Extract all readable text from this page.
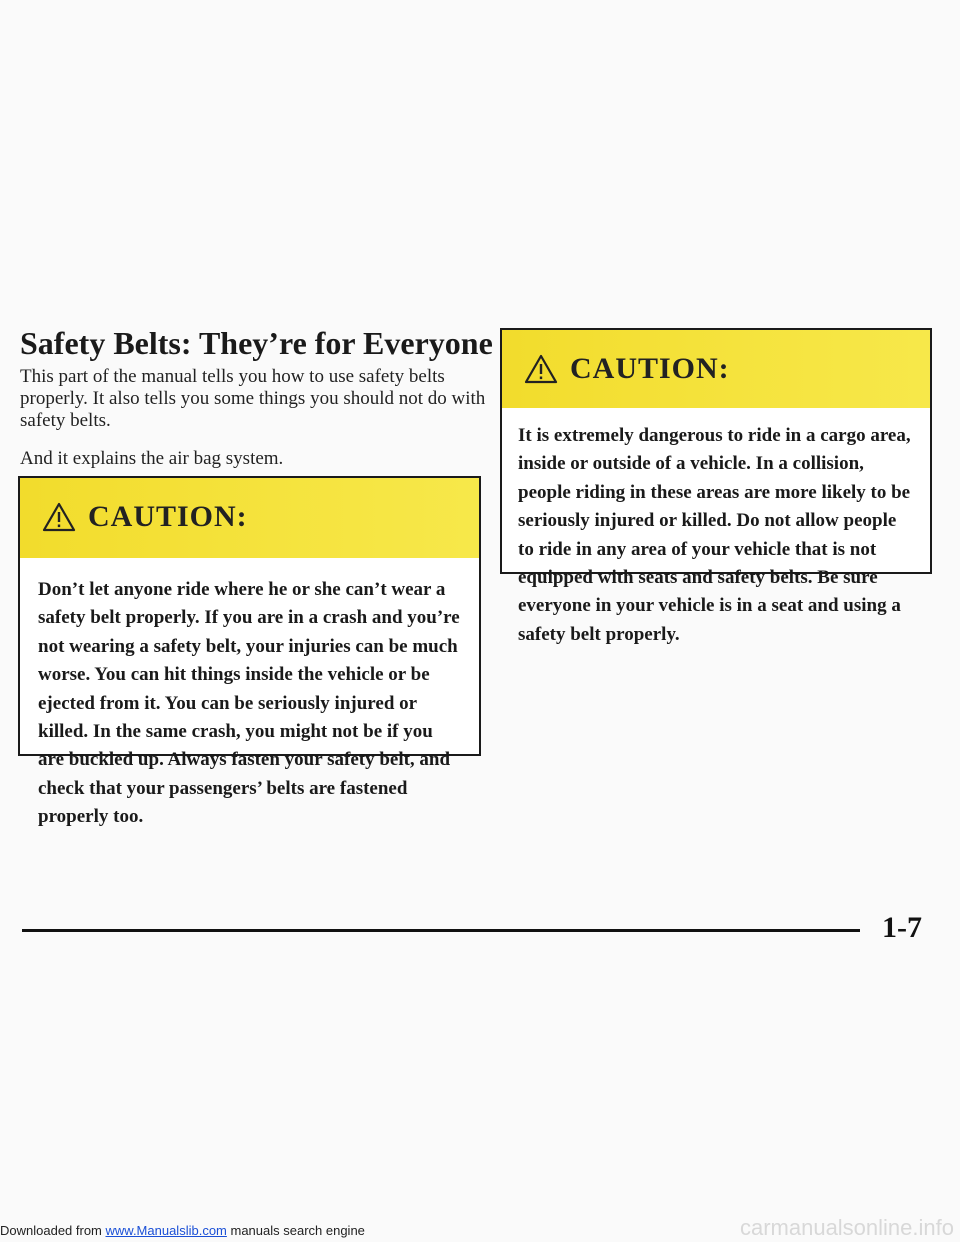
Safety Belts: They’re for Everyone

This part of the manual tells you how to use safety belts properly. It also tells you some things you should not do with safety belts.

And it explains the air bag system.

CAUTION:

Don’t let anyone ride where he or she can’t wear a safety belt properly. If you are in a crash and you’re not wearing a safety belt, your injuries can be much worse. You can hit things inside the vehicle or be ejected from it. You can be seriously injured or killed. In the same crash, you might not be if you are buckled up. Always fasten your safety belt, and check that your passengers’ belts are fastened properly too.

CAUTION:

It is extremely dangerous to ride in a cargo area, inside or outside of a vehicle. In a collision, people riding in these areas are more likely to be seriously injured or killed. Do not allow people to ride in any area of your vehicle that is not equipped with seats and safety belts. Be sure everyone in your vehicle is in a seat and using a safety belt properly.

1-7
Downloaded from www.Manualslib.com manuals search engine	carmanualsonline.info
